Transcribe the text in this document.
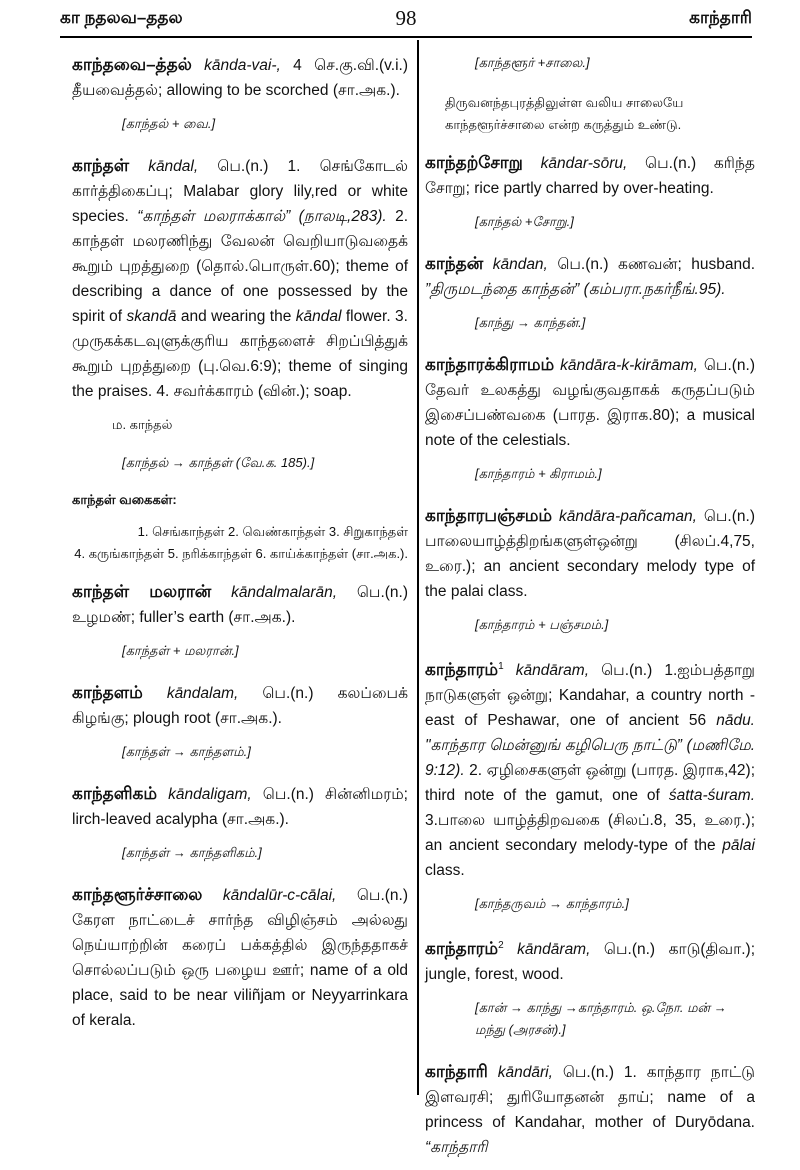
கா நதலவ–ததல	98	காந்தாரி
காந்தவை–த்தல் kānda-vai-, 4 செ.கு.வி.(v.i.) தீயவைத்தல்; allowing to be scorched (சா.அக.).
[காந்தல் + வை.]
காந்தள் kāndal, பெ.(n.) 1. செங்கோடல் கார்த்திகைப்பு; Malabar glory lily,red or white species. “காந்தள் மலராக்கால்” (நாலடி,283). 2. காந்தள் மலரணிந்து வேலன் வெறியாடுவதைக் கூறும் புறத்துறை (தொல்.பொருள்.60); theme of describing a dance of one possessed by the spirit of skandā and wearing the kāndal flower. 3. முருகக்கடவுளுக்குரிய காந்தளைச் சிறப்பித்துக் கூறும் புறத்துறை (பு.வெ.6:9); theme of singing the praises. 4. சவர்க்காரம் (வின்.); soap.
ம. காந்தல்
[காந்தல் → காந்தள் (வே.க. 185).]
காந்தள் வகைகள்:
1. செங்காந்தள் 2. வெண்காந்தள் 3. சிறுகாந்தள்
4. கருங்காந்தள் 5. நரிக்காந்தள் 6. காய்க்காந்தள் (சா.அக.).
காந்தள் மலரான் kāndalmalarān, பெ.(n.) உழமண்; fuller’s earth (சா.அக.).
[காந்தள் + மலரான்.]
காந்தளம் kāndalam, பெ.(n.) கலப்பைக் கிழங்கு; plough root (சா.அக.).
[காந்தள் → காந்தளம்.]
காந்தளிகம் kāndaligam, பெ.(n.) சின்னிமரம்; lirch-leaved acalypha (சா.அக.).
[காந்தள் → காந்தளிகம்.]
காந்தளூர்ச்சாலை kāndalūr-c-cālai, பெ.(n.) கேரள நாட்டைச் சார்ந்த விழிஞ்சம் அல்லது நெய்யாற்றின் கரைப் பக்கத்தில் இருந்ததாகச் சொல்லப்படும் ஒரு பழைய ஊர்; name of a old place, said to be near viliñjam or Neyyarrinkara of kerala.
[காந்தளூர் +சாலை.]
திருவனந்தபுரத்திலுள்ள வலிய சாலையே காந்தளூர்ச்சாலை என்ற கருத்தும் உண்டு.
காந்தற்சோறு kāndar-sōru, பெ.(n.) கரிந்த சோறு; rice partly charred by over-heating.
[காந்தல் +சோறு.]
காந்தன் kāndan, பெ.(n.) கணவன்; husband. ”திருமடந்தை காந்தன்” (கம்பரா.நகர்நீங்.95).
[காந்து → காந்தன்.]
காந்தாரக்கிராமம் kāndāra-k-kirāmam, பெ.(n.) தேவர் உலகத்து வழங்குவதாகக் கருதப்படும் இசைப்பண்வகை (பாரத. இராக.80); a musical note of the celestials.
[காந்தாரம் + கிராமம்.]
காந்தாரபஞ்சமம் kāndāra-pañcaman, பெ.(n.) பாலையாழ்த்திறங்களுள்ஒன்று (சிலப்.4,75, உரை.); an ancient secondary melody type of the palai class.
[காந்தாரம் + பஞ்சமம்.]
காந்தாரம்$^1$ kāndāram, பெ.(n.) 1.ஐம்பத்தாறு நாடுகளுள் ஒன்று; Kandahar, a country north - east of Peshawar, one of ancient 56 nādu. "காந்தார மென்னுங் கழிபெரு நாட்டு” (மணிமே. 9:12). 2. ஏழிசைகளுள் ஒன்று (பாரத. இராக,42); third note of the gamut, one of śatta-śuram. 3.பாலை யாழ்த்திறவகை (சிலப்.8, 35, உரை.); an ancient secondary melody-type of the pālai class.
[காந்தருவம் → காந்தாரம்.]
காந்தாரம்$^2$ kāndāram, பெ.(n.) காடு(திவா.); jungle, forest, wood.
[கான் → காந்து →காந்தாரம். ஒ.நோ. மன் → மந்து (அரசன்).]
காந்தாரி kāndāri, பெ.(n.) 1. காந்தார நாட்டு இளவரசி; துரியோதனன் தாய்; name of a princess of Kandahar, mother of Duryōdana. “காந்தாரி
